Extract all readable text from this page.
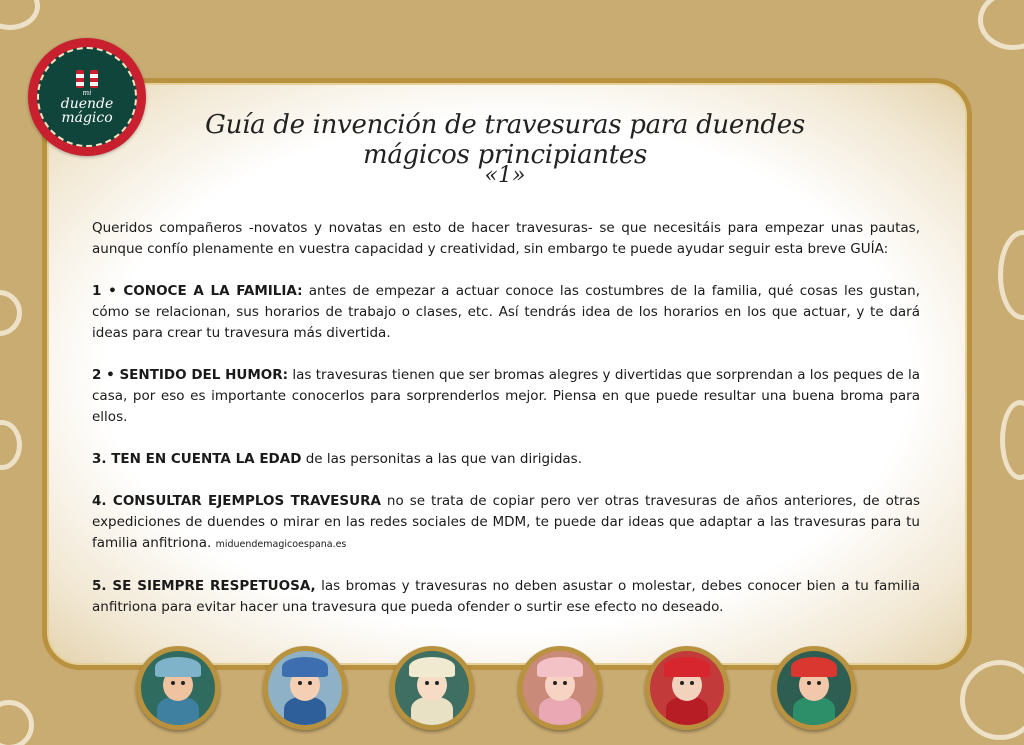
mi
duende
mágico	Guía de invención de travesuras para duendes mágicos principiantes
«1»

Queridos compañeros -novatos y novatas en esto de hacer travesuras- se que necesitáis para empezar unas pautas, aunque confío plenamente en vuestra capacidad y creatividad, sin embargo te puede ayudar seguir esta breve GUÍA:

1 • CONOCE A LA FAMILIA: antes de empezar a actuar conoce las costumbres de la familia, qué cosas les gustan, cómo se relacionan, sus horarios de trabajo o clases, etc. Así tendrás idea de los horarios en los que actuar, y te dará ideas para crear tu travesura más divertida.

2 • SENTIDO DEL HUMOR: las travesuras tienen que ser bromas alegres y divertidas que sorprendan a los peques de la casa, por eso es importante conocerlos para sorprenderlos mejor. Piensa en que puede resultar una buena broma para ellos.

3. TEN EN CUENTA LA EDAD de las personitas a las que van dirigidas.

4. CONSULTAR EJEMPLOS TRAVESURA no se trata de copiar pero ver otras travesuras de años anteriores, de otras expediciones de duendes o mirar en las redes sociales de MDM, te puede dar ideas que adaptar a las travesuras para tu familia anfitriona. miduendemagicoespana.es

5. SE SIEMPRE RESPETUOSA, las bromas y travesuras no deben asustar o molestar, debes conocer bien a tu familia anfitriona para evitar hacer una travesura que pueda ofender o surtir ese efecto no deseado.
